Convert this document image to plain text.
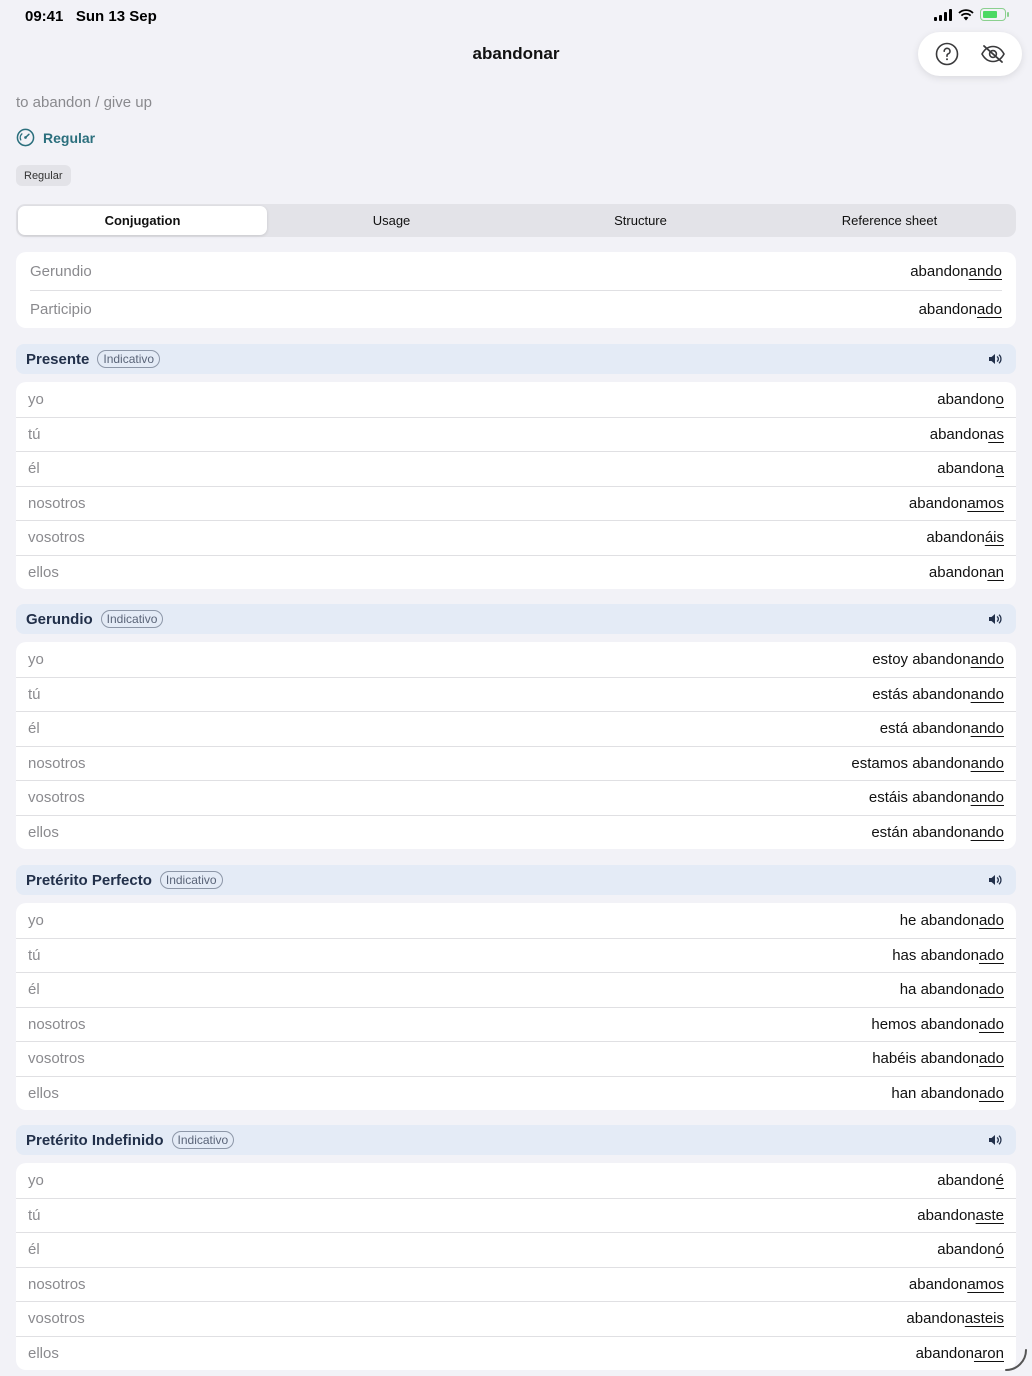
09:41 Sun 13 Sep
abandonar
to abandon / give up
Regular
Regular
Conjugation	Usage	Structure	Reference sheet
Gerundio	abandonando
Participio	abandonado
Presente	Indicativo
yo	abandono
tú	abandonas
él	abandona
nosotros	abandonamos
vosotros	abandonáis
ellos	abandonan
Gerundio	Indicativo
yo	estoy abandonando
tú	estás abandonando
él	está abandonando
nosotros	estamos abandonando
vosotros	estáis abandonando
ellos	están abandonando
Pretérito Perfecto	Indicativo
yo	he abandonado
tú	has abandonado
él	ha abandonado
nosotros	hemos abandonado
vosotros	habéis abandonado
ellos	han abandonado
Pretérito Indefinido	Indicativo
yo	abandoné
tú	abandonaste
él	abandonó
nosotros	abandonamos
vosotros	abandonasteis
ellos	abandonaron
